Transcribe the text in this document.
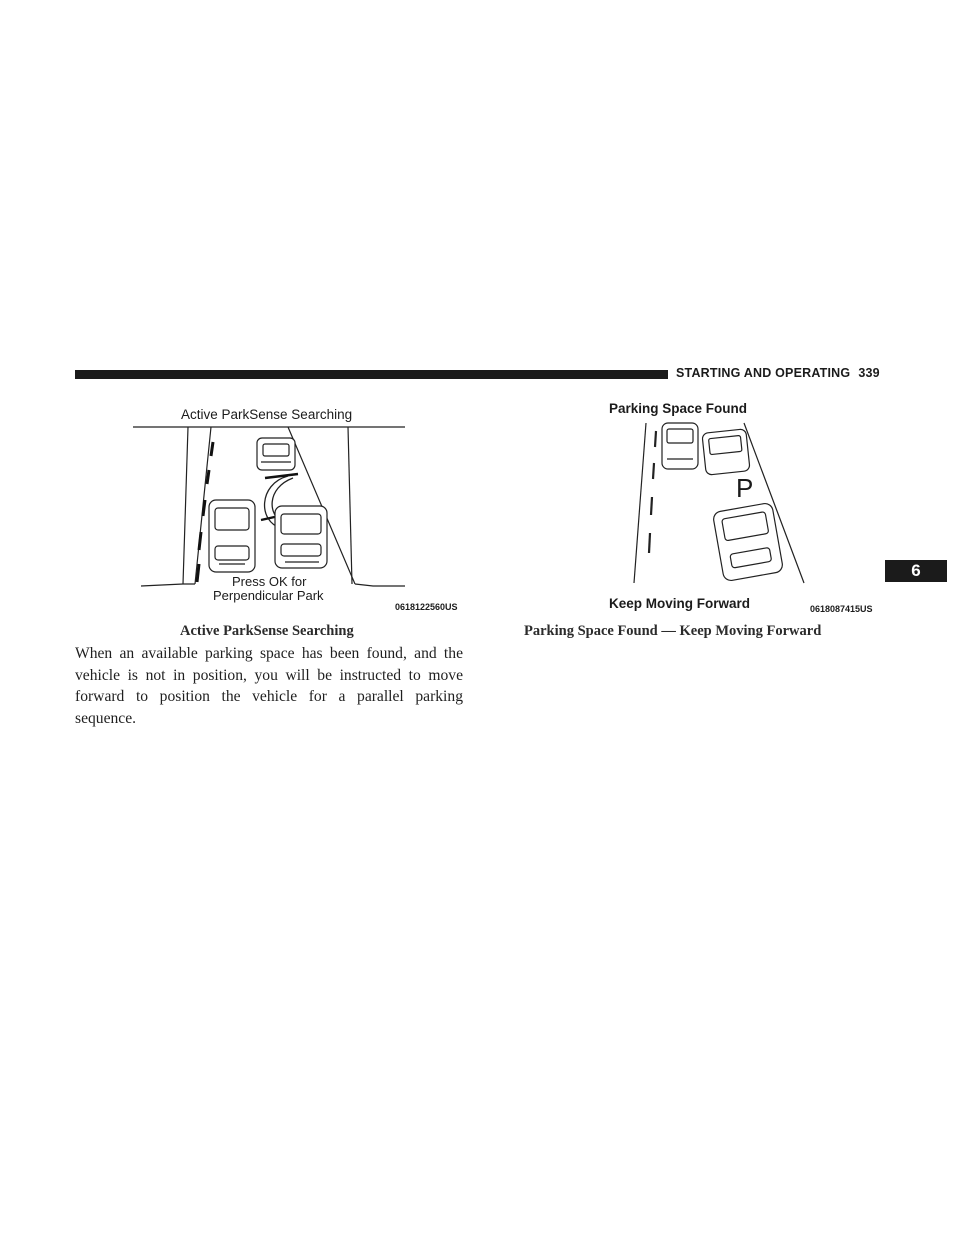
STARTING AND OPERATING 339
6
Active ParkSense Searching
Press OK for
Perpendicular Park
0618122560US
Parking Space Found
P
Keep Moving Forward	0618087415US
Active ParkSense Searching	Parking Space Found — Keep Moving Forward
When an available parking space has been found, and the vehicle is not in position, you will be instructed to move forward to position the vehicle for a parallel parking sequence.
